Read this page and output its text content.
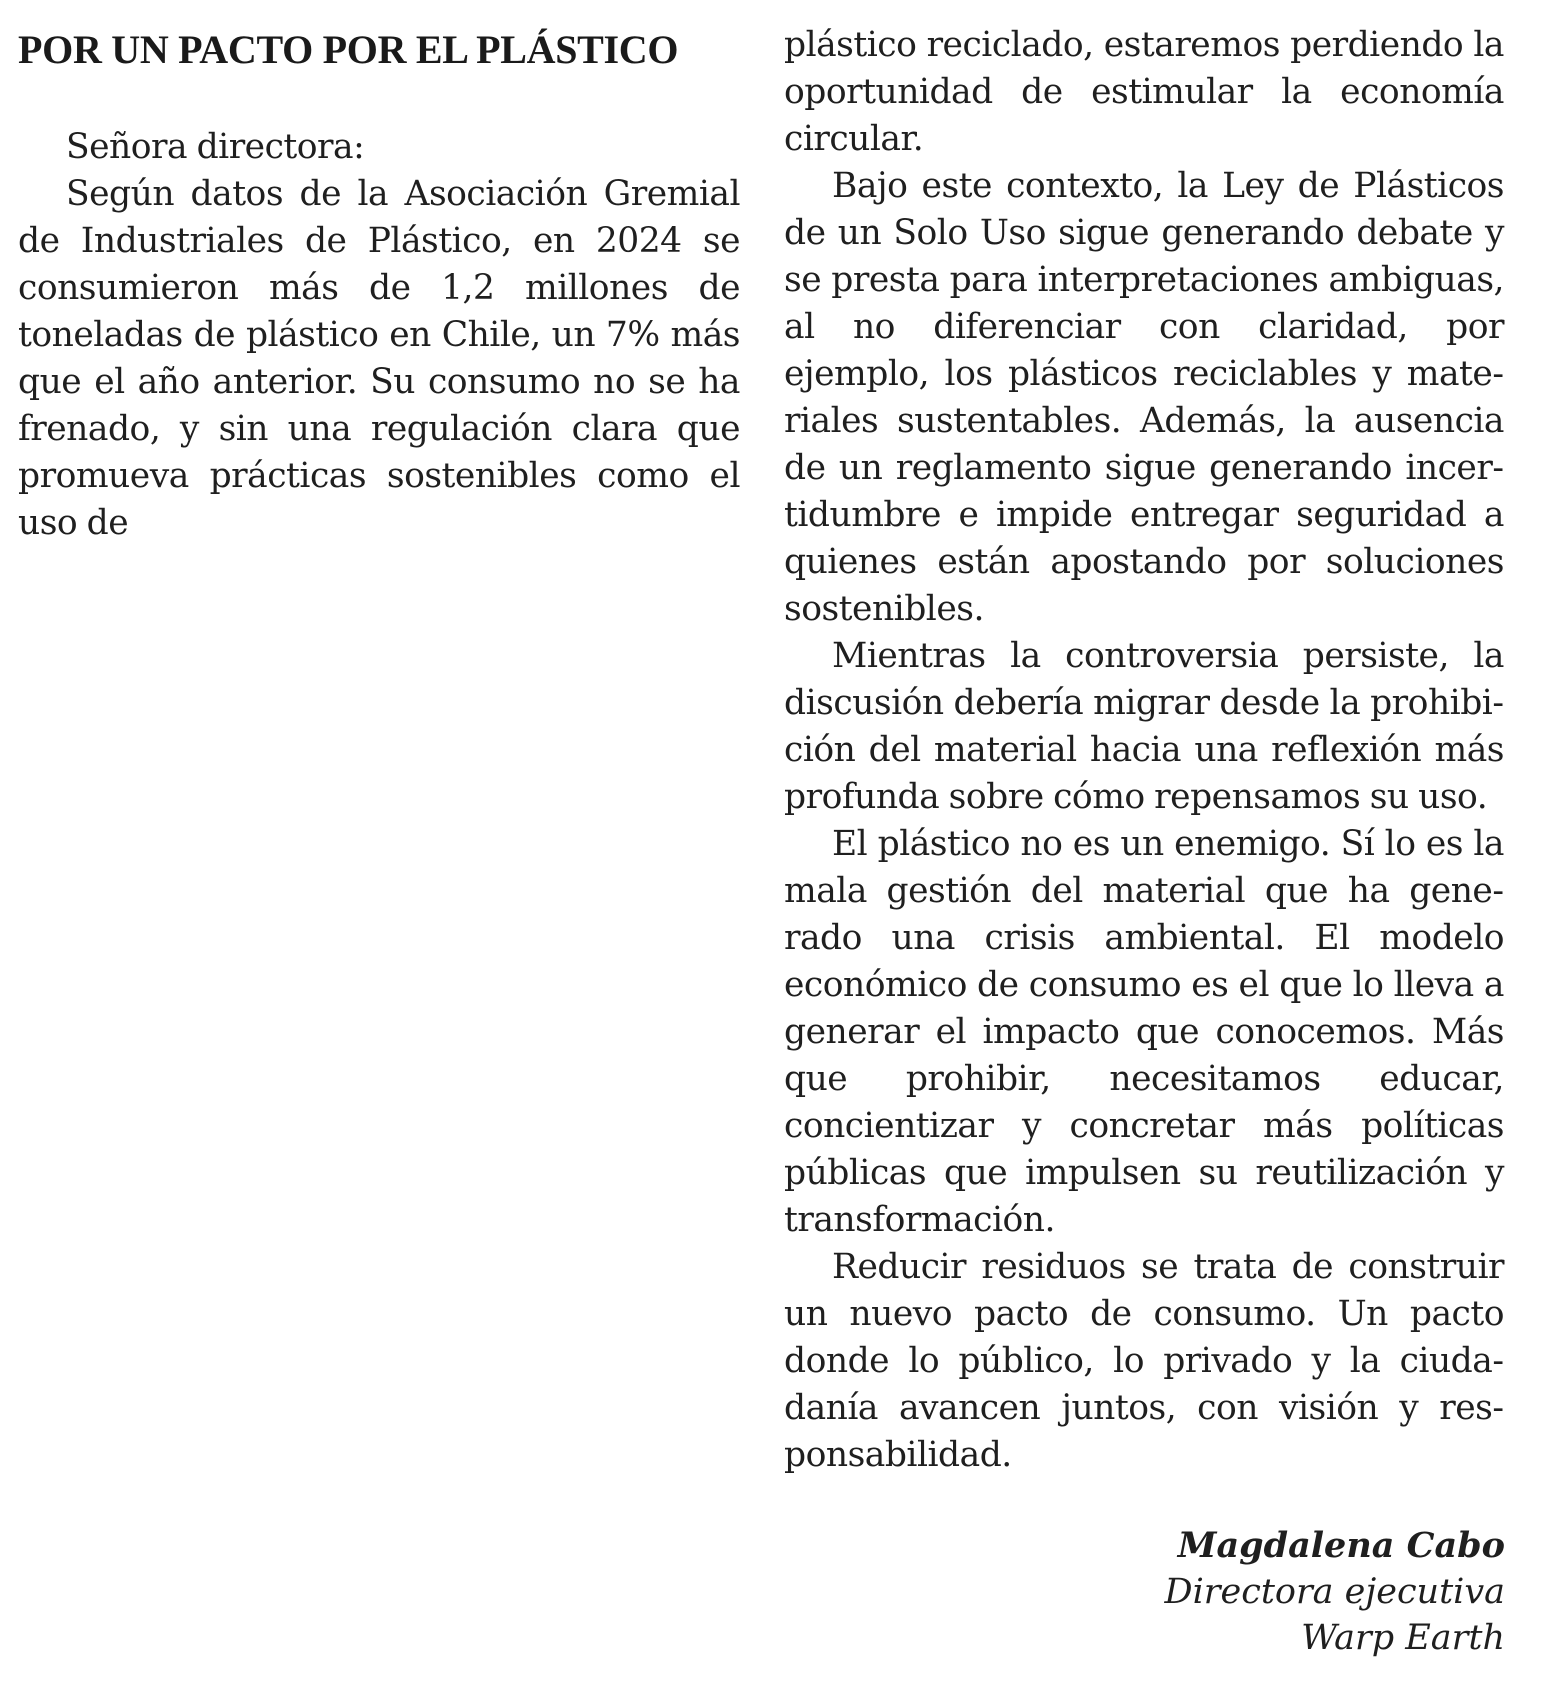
POR UN PACTO POR EL PLÁSTICO

Señora directora:

Según datos de la Asociación Gremial de Industriales de Plástico, en 2024 se consumieron más de 1,2 millones de toneladas de plástico en Chile, un 7% más que el año anterior. Su consumo no se ha frenado, y sin una regulación clara que promueva prácticas sostenibles como el uso de

plástico reciclado, estaremos perdiendo la oportunidad de estimular la economía circular.

Bajo este contexto, la Ley de Plásticos de un Solo Uso sigue generando debate y se presta para interpretaciones ambiguas, al no diferenciar con claridad, por ejemplo, los plásticos reciclables y materiales sustentables. Además, la ausencia de un reglamento sigue generando incertidumbre e impide entregar seguridad a quienes están apostando por soluciones sostenibles.

Mientras la controversia persiste, la discusión debería migrar desde la prohibición del material hacia una reflexión más profunda sobre cómo repensamos su uso.

El plástico no es un enemigo. Sí lo es la mala gestión del material que ha generado una crisis ambiental. El modelo económico de consumo es el que lo lleva a generar el impacto que conocemos. Más que prohibir, necesitamos educar, concientizar y concretar más políticas públicas que impulsen su reutilización y transformación.

Reducir residuos se trata de construir un nuevo pacto de consumo. Un pacto donde lo público, lo privado y la ciudadanía avancen juntos, con visión y responsabilidad.

Magdalena Cabo
Directora ejecutiva
Warp Earth
